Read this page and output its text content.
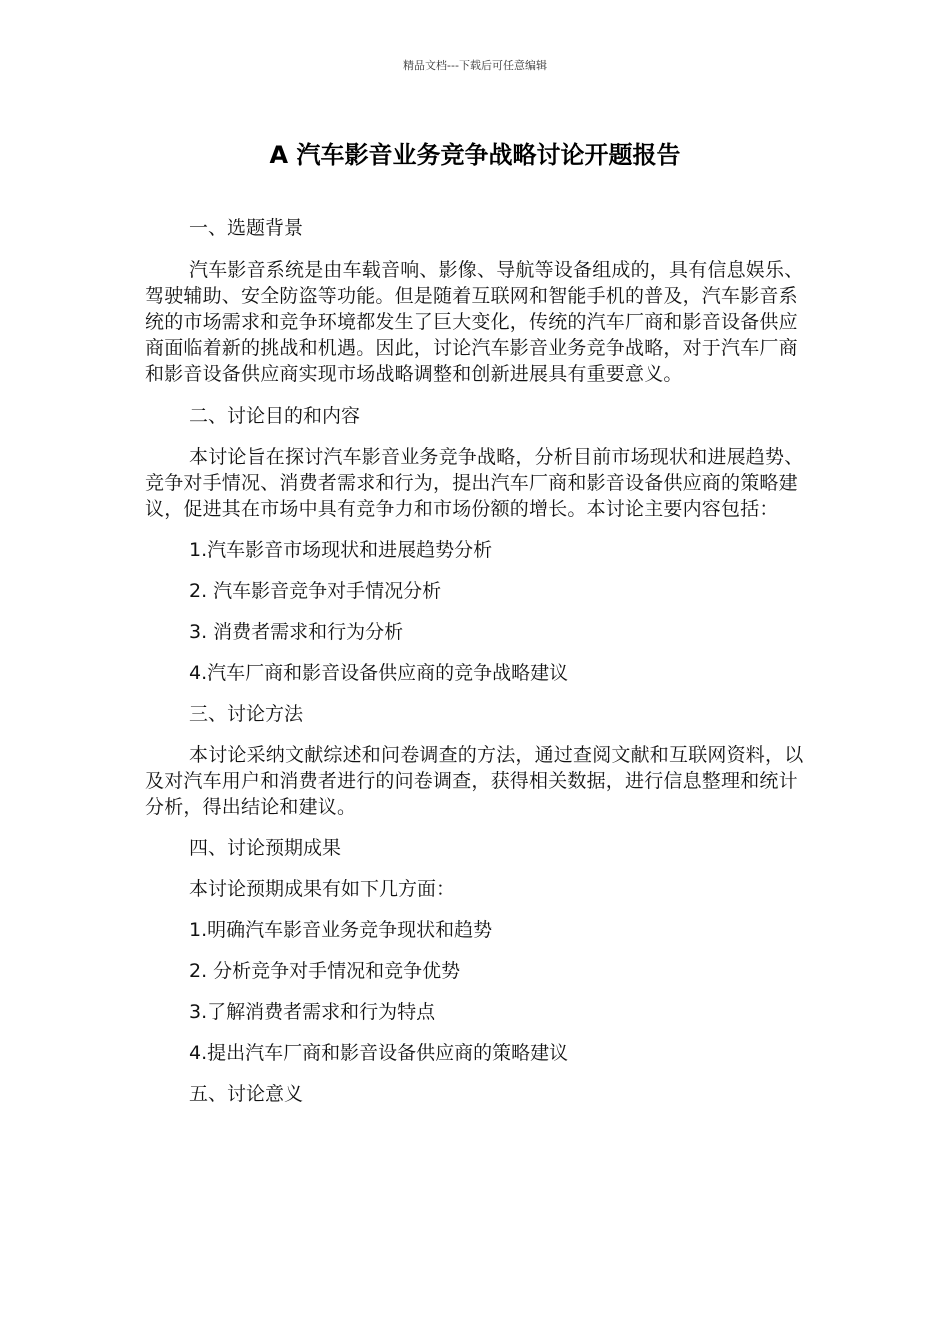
精品文档---下载后可任意编辑
A 汽车影音业务竞争战略讨论开题报告

一、选题背景

汽车影音系统是由车载音响、影像、导航等设备组成的，具有信息娱乐、驾驶辅助、安全防盗等功能。但是随着互联网和智能手机的普及，汽车影音系统的市场需求和竞争环境都发生了巨大变化，传统的汽车厂商和影音设备供应商面临着新的挑战和机遇。因此，讨论汽车影音业务竞争战略，对于汽车厂商和影音设备供应商实现市场战略调整和创新进展具有重要意义。

二、讨论目的和内容

本讨论旨在探讨汽车影音业务竞争战略，分析目前市场现状和进展趋势、竞争对手情况、消费者需求和行为，提出汽车厂商和影音设备供应商的策略建议，促进其在市场中具有竞争力和市场份额的增长。本讨论主要内容包括：

1.汽车影音市场现状和进展趋势分析

2. 汽车影音竞争对手情况分析

3. 消费者需求和行为分析

4.汽车厂商和影音设备供应商的竞争战略建议

三、讨论方法

本讨论采纳文献综述和问卷调查的方法，通过查阅文献和互联网资料，以及对汽车用户和消费者进行的问卷调查，获得相关数据，进行信息整理和统计分析，得出结论和建议。

四、讨论预期成果

本讨论预期成果有如下几方面：

1.明确汽车影音业务竞争现状和趋势

2. 分析竞争对手情况和竞争优势

3.了解消费者需求和行为特点

4.提出汽车厂商和影音设备供应商的策略建议

五、讨论意义
